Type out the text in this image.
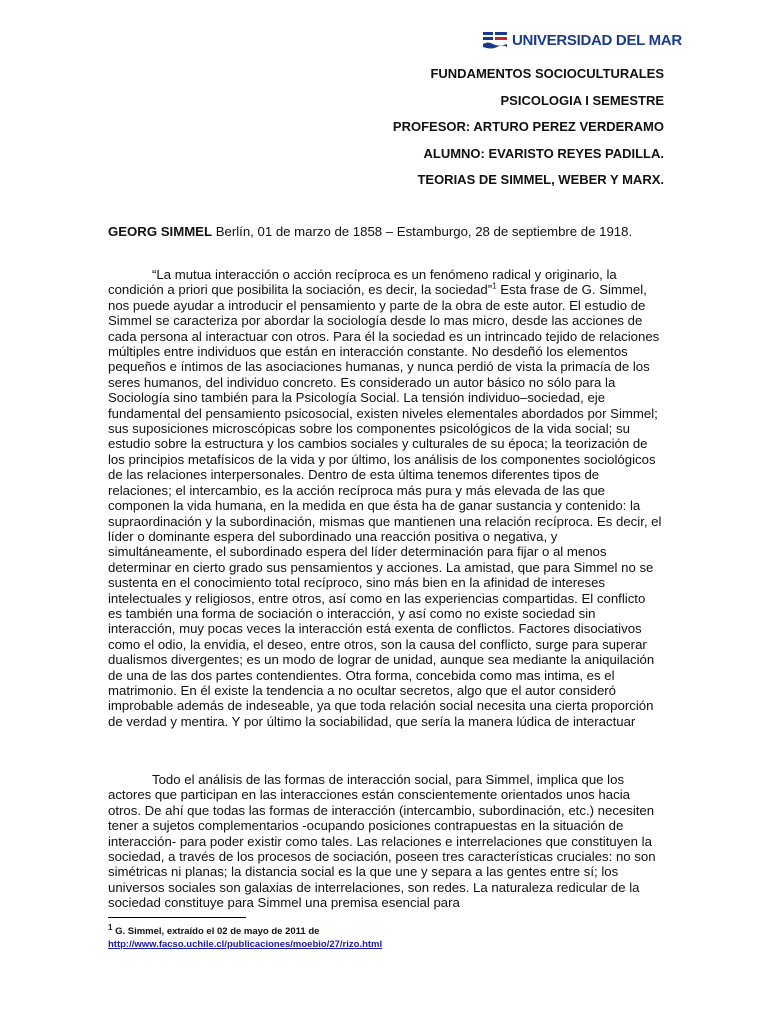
UNIVERSIDAD DEL MAR
FUNDAMENTOS SOCIOCULTURALES
PSICOLOGIA I SEMESTRE
PROFESOR: ARTURO PEREZ VERDERAMO
ALUMNO: EVARISTO REYES PADILLA.
TEORIAS DE SIMMEL, WEBER Y MARX.

GEORG SIMMEL Berlín, 01 de marzo de 1858 – Estamburgo, 28 de septiembre de 1918.

“La mutua interacción o acción recíproca es un fenómeno radical y originario, la condición a priori que posibilita la sociación, es decir, la sociedad”$^1$ Esta frase de G. Simmel, nos puede ayudar a introducir el pensamiento y parte de la obra de este autor. El estudio de Simmel se caracteriza por abordar la sociología desde lo mas micro, desde las acciones de cada persona al interactuar con otros. Para él la sociedad es un intrincado tejido de relaciones múltiples entre individuos que están en interacción constante. No desdeñó los elementos pequeños e íntimos de las asociaciones humanas, y nunca perdió de vista la primacía de los seres humanos, del individuo concreto. Es considerado un autor básico no sólo para la Sociología sino también para la Psicología Social. La tensión individuo–sociedad, eje fundamental del pensamiento psicosocial, existen niveles elementales abordados por Simmel; sus suposiciones microscópicas sobre los componentes psicológicos de la vida social; su estudio sobre la estructura y los cambios sociales y culturales de su época; la teorización de los principios metafísicos de la vida y por último, los análisis de los componentes sociológicos de las relaciones interpersonales. Dentro de esta última tenemos diferentes tipos de relaciones; el intercambio, es la acción recíproca más pura y más elevada de las que componen la vida humana, en la medida en que ésta ha de ganar sustancia y contenido: la supraordinación y la subordinación, mismas que mantienen una relación recíproca. Es decir, el líder o dominante espera del subordinado una reacción positiva o negativa, y simultáneamente, el subordinado espera del líder determinación para fijar o al menos determinar en cierto grado sus pensamientos y acciones. La amistad, que para Simmel no se sustenta en el conocimiento total recíproco, sino más bien en la afinidad de intereses intelectuales y religiosos, entre otros, así como en las experiencias compartidas. El conflicto es también una forma de sociación o interacción, y así como no existe sociedad sin interacción, muy pocas veces la interacción está exenta de conflictos. Factores disociativos como el odio, la envidia, el deseo, entre otros, son la causa del conflicto, surge para superar dualismos divergentes; es un modo de lograr de unidad, aunque sea mediante la aniquilación de una de las dos partes contendientes. Otra forma, concebida como mas intima, es el matrimonio. En él existe la tendencia a no ocultar secretos, algo que el autor consideró improbable además de indeseable, ya que toda relación social necesita una cierta proporción de verdad y mentira. Y por último la sociabilidad, que sería la manera lúdica de interactuar

Todo el análisis de las formas de interacción social, para Simmel, implica que los actores que participan en las interacciones están conscientemente orientados unos hacia otros. De ahí que todas las formas de interacción (intercambio, subordinación, etc.) necesiten tener a sujetos complementarios -ocupando posiciones contrapuestas en la situación de interacción- para poder existir como tales. Las relaciones e interrelaciones que constituyen la sociedad, a través de los procesos de sociación, poseen tres características cruciales: no son simétricas ni planas; la distancia social es la que une y separa a las gentes entre sí; los universos sociales son galaxias de interrelaciones, son redes. La naturaleza redicular de la sociedad constituye para Simmel una premisa esencial para

$^1$ G. Simmel, extraído el 02 de mayo de 2011 de
http://www.facso.uchile.cl/publicaciones/moebio/27/rizo.html
